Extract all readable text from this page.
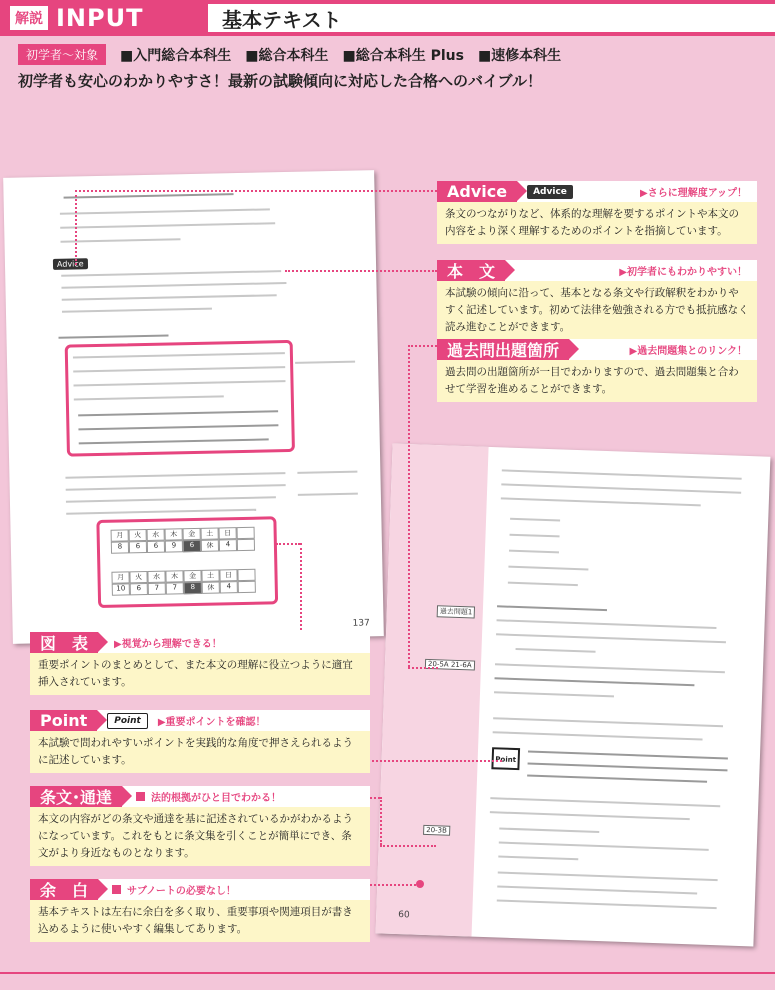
解説 INPUT	基本テキスト
初学者〜対象	■入門総合本科生 ■総合本科生 ■総合本科生 Plus ■速修本科生
初学者も安心のわかりやすさ！最新の試験傾向に対応した合格へのバイブル！
Advice
月	火	水	木	金	土	日
8	6	6	9	6	休	4
月	火	水	木	金	土	日
10	6	7	7	8	休	4
137
過去問題1
20-5A 21-6A
Point
20-3B
60
Advice	Advice	▶さらに理解度アップ！
条文のつながりなど、体系的な理解を要するポイントや本文の内容をより深く理解するためのポイントを指摘しています。
本　文	▶初学者にもわかりやすい！
本試験の傾向に沿って、基本となる条文や行政解釈をわかりやすく記述しています。初めて法律を勉強される方でも抵抗感なく読み進むことができます。
過去問出題箇所	▶過去問題集とのリンク！
過去問の出題箇所が一目でわかりますので、過去問題集と合わせて学習を進めることができます。
図　表	▶視覚から理解できる！
重要ポイントのまとめとして、また本文の理解に役立つように適宜挿入されています。
Point	Point	▶重要ポイントを確認！
本試験で問われやすいポイントを実践的な角度で押さえられるように記述しています。
条文･通達	法的根拠がひと目でわかる！
本文の内容がどの条文や通達を基に記述されているかがわかるようになっています。これをもとに条文集を引くことが簡単にでき、条文がより身近なものとなります。
余　白	サブノートの必要なし！
基本テキストは左右に余白を多く取り、重要事項や関連項目が書き込めるように使いやすく編集してあります。
